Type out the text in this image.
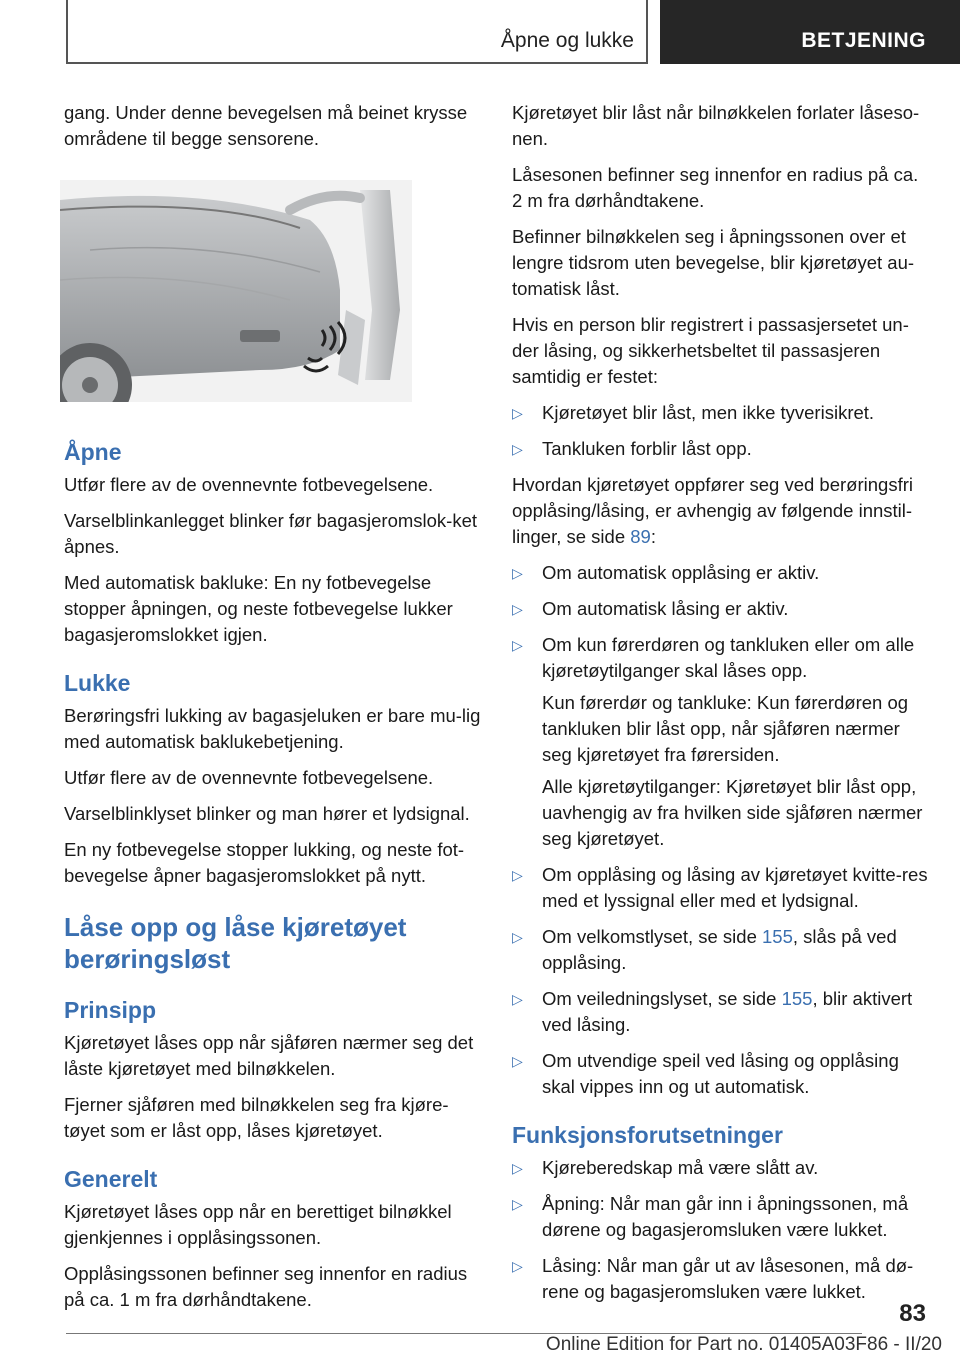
Åpne og lukke	BETJENING

gang. Under denne bevegelsen må beinet krysse områdene til begge sensorene.

Åpne

Utfør flere av de ovennevnte fotbevegelsene.

Varselblinkanlegget blinker før bagasjeromslok‐ket åpnes.

Med automatisk bakluke: En ny fotbevegelse stopper åpningen, og neste fotbevegelse lukker bagasjeromslokket igjen.

Lukke

Berøringsfri lukking av bagasjeluken er bare mu‐lig med automatisk baklukebetjening.

Utfør flere av de ovennevnte fotbevegelsene.

Varselblinklyset blinker og man hører et lydsignal.

En ny fotbevegelse stopper lukking, og neste fot‐bevegelse åpner bagasjeromslokket på nytt.

Låse opp og låse kjøretøyet berøringsløst
Prinsipp

Kjøretøyet låses opp når sjåføren nærmer seg det låste kjøretøyet med bilnøkkelen.

Fjerner sjåføren med bilnøkkelen seg fra kjøre‐tøyet som er låst opp, låses kjøretøyet.

Generelt

Kjøretøyet låses opp når en berettiget bilnøkkel gjenkjennes i opplåsingssonen.

Opplåsingssonen befinner seg innenfor en radius på ca. 1 m fra dørhåndtakene.

Kjøretøyet blir låst når bilnøkkelen forlater låseso‐nen.

Låsesonen befinner seg innenfor en radius på ca. 2 m fra dørhåndtakene.

Befinner bilnøkkelen seg i åpningssonen over et lengre tidsrom uten bevegelse, blir kjøretøyet au‐tomatisk låst.

Hvis en person blir registrert i passasjersetet un‐der låsing, og sikkerhetsbeltet til passasjeren samtidig er festet:

▷ Kjøretøyet blir låst, men ikke tyverisikret.
▷ Tankluken forblir låst opp.

Hvordan kjøretøyet oppfører seg ved berøringsfri opplåsing/låsing, er avhengig av følgende innstil‐linger, se side 89:

▷ Om automatisk opplåsing er aktiv.
▷ Om automatisk låsing er aktiv.
▷ Om kun førerdøren og tankluken eller om alle kjøretøytilganger skal låses opp.

Kun førerdør og tankluke: Kun førerdøren og tankluken blir låst opp, når sjåføren nærmer seg kjøretøyet fra førersiden.

Alle kjøretøytilganger: Kjøretøyet blir låst opp, uavhengig av fra hvilken side sjåføren nærmer seg kjøretøyet.

▷ Om opplåsing og låsing av kjøretøyet kvitte‐res med et lyssignal eller med et lydsignal.
▷ Om velkomstlyset, se side 155, slås på ved opplåsing.
▷ Om veiledningslyset, se side 155, blir aktivert ved låsing.
▷ Om utvendige speil ved låsing og opplåsing skal vippes inn og ut automatisk.
Funksjonsforutsetninger
▷ Kjøreberedskap må være slått av.
▷ Åpning: Når man går inn i åpningssonen, må dørene og bagasjeromsluken være lukket.
▷ Låsing: Når man går ut av låsesonen, må dø‐rene og bagasjeromsluken være lukket.
83
Online Edition for Part no. 01405A03F86 - II/20
